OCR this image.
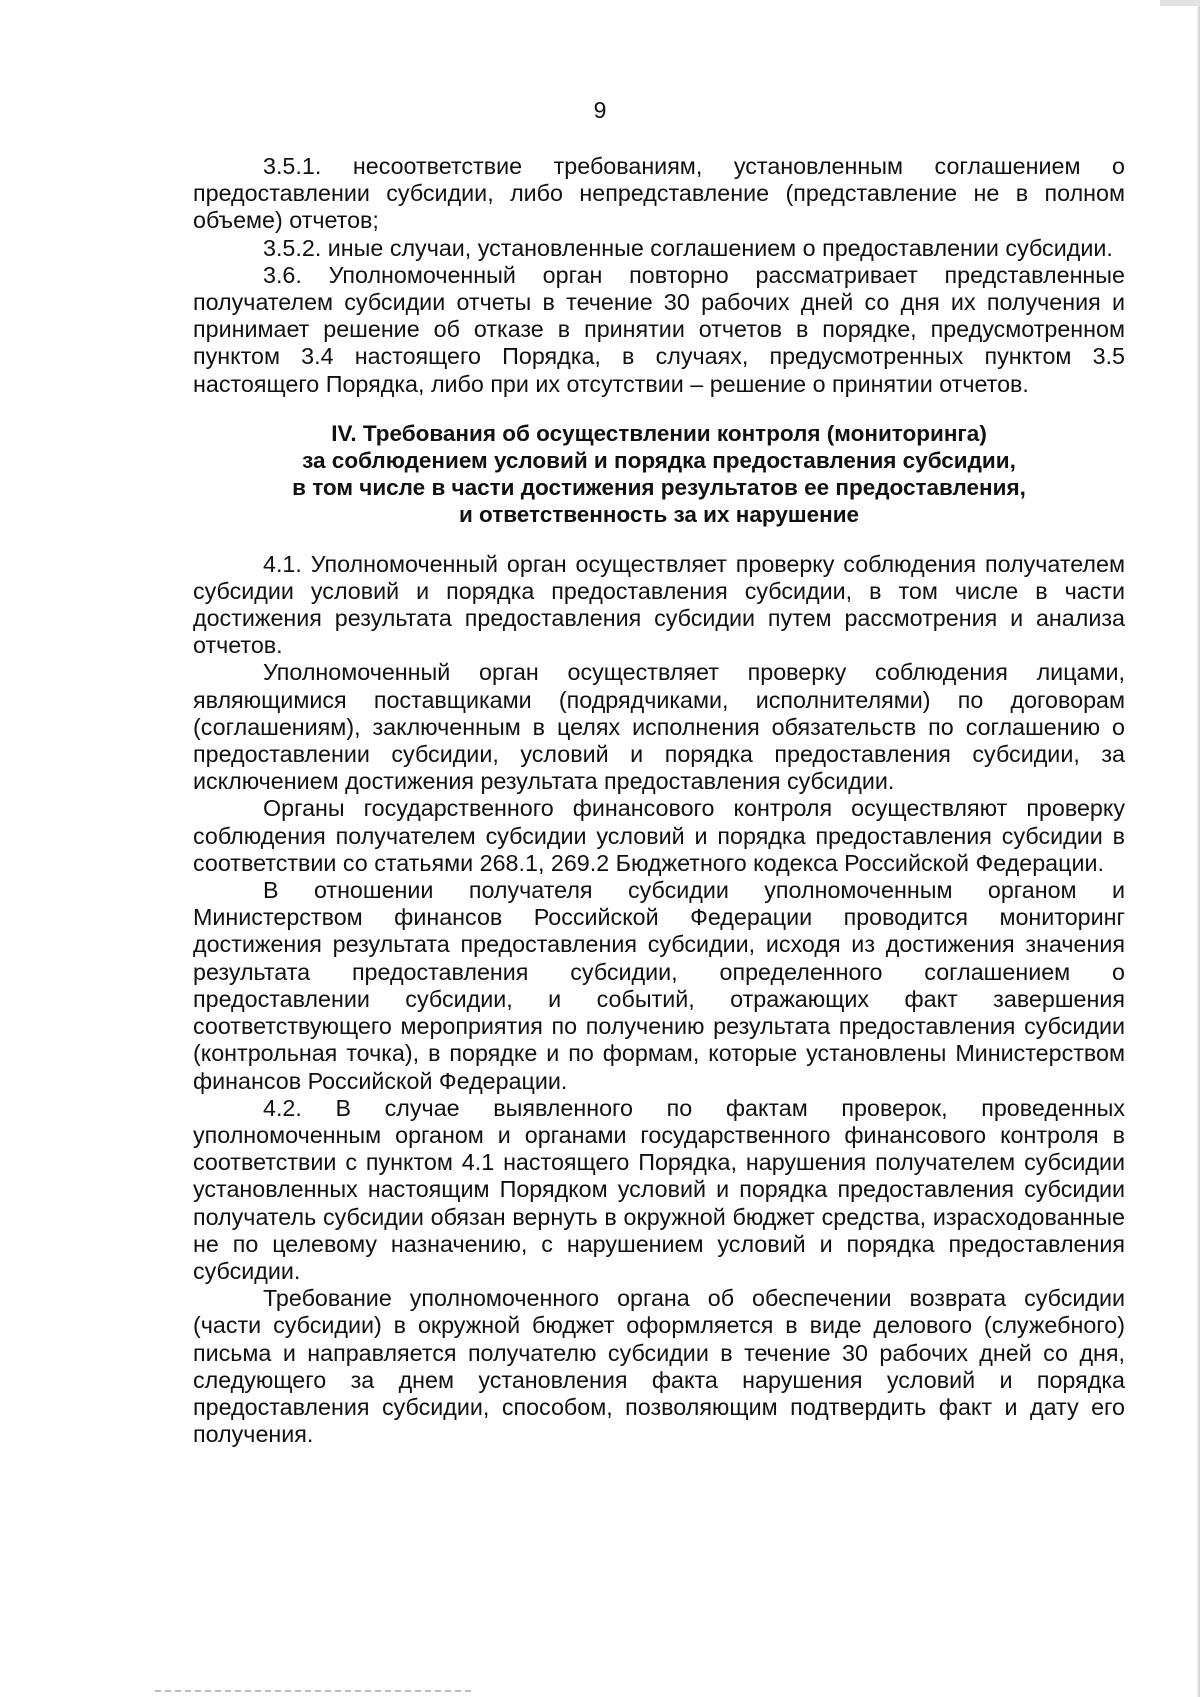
9

3.5.1. несоответствие требованиям, установленным соглашением о предоставлении субсидии, либо непредставление (представление не в полном объеме) отчетов;

3.5.2. иные случаи, установленные соглашением о предоставлении субсидии.

3.6. Уполномоченный орган повторно рассматривает представленные получателем субсидии отчеты в течение 30 рабочих дней со дня их получения и принимает решение об отказе в принятии отчетов в порядке, предусмотренном пунктом 3.4 настоящего Порядка, в случаях, предусмотренных пунктом 3.5 настоящего Порядка, либо при их отсутствии – решение о принятии отчетов.

IV. Требования об осуществлении контроля (мониторинга)
за соблюдением условий и порядка предоставления субсидии,
в том числе в части достижения результатов ее предоставления,
и ответственность за их нарушение

4.1. Уполномоченный орган осуществляет проверку соблюдения получателем субсидии условий и порядка предоставления субсидии, в том числе в части достижения результата предоставления субсидии путем рассмотрения и анализа отчетов.

Уполномоченный орган осуществляет проверку соблюдения лицами, являющимися поставщиками (подрядчиками, исполнителями) по договорам (соглашениям), заключенным в целях исполнения обязательств по соглашению о предоставлении субсидии, условий и порядка предоставления субсидии, за исключением достижения результата предоставления субсидии.

Органы государственного финансового контроля осуществляют проверку соблюдения получателем субсидии условий и порядка предоставления субсидии в соответствии со статьями 268.1, 269.2 Бюджетного кодекса Российской Федерации.

В отношении получателя субсидии уполномоченным органом и Министерством финансов Российской Федерации проводится мониторинг достижения результата предоставления субсидии, исходя из достижения значения результата предоставления субсидии, определенного соглашением о предоставлении субсидии, и событий, отражающих факт завершения соответствующего мероприятия по получению результата предоставления субсидии (контрольная точка), в порядке и по формам, которые установлены Министерством финансов Российской Федерации.

4.2. В случае выявленного по фактам проверок, проведенных уполномоченным органом и органами государственного финансового контроля в соответствии с пунктом 4.1 настоящего Порядка, нарушения получателем субсидии установленных настоящим Порядком условий и порядка предоставления субсидии получатель субсидии обязан вернуть в окружной бюджет средства, израсходованные не по целевому назначению, с нарушением условий и порядка предоставления субсидии.

Требование уполномоченного органа об обеспечении возврата субсидии (части субсидии) в окружной бюджет оформляется в виде делового (служебного) письма и направляется получателю субсидии в течение 30 рабочих дней со дня, следующего за днем установления факта нарушения условий и порядка предоставления субсидии, способом, позволяющим подтвердить факт и дату его получения.
